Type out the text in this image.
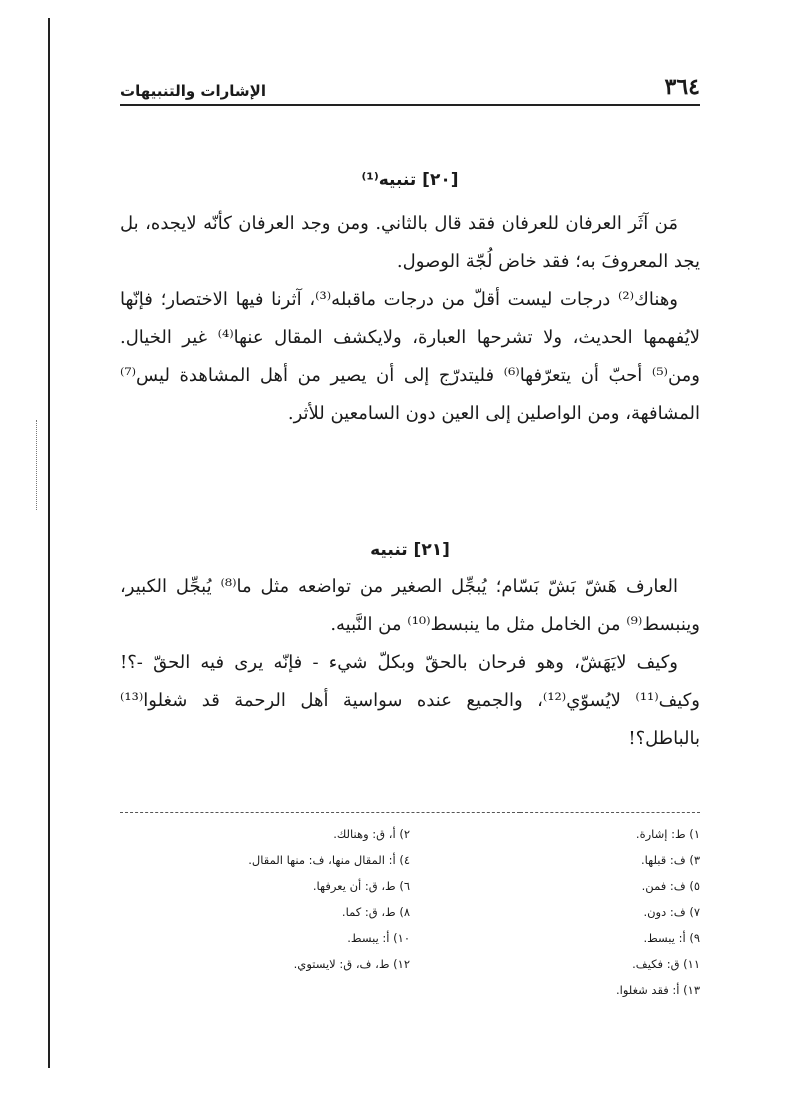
٣٦٤
الإشارات والتنبيهات
[٢٠] تنبيه⁽¹⁾

مَن آثَر العرفان للعرفان فقد قال بالثاني. ومن وجد العرفان كأنّه لايجده، بل يجد المعروفَ به؛ فقد خاض لُجّة الوصول.

وهناك⁽²⁾ درجات ليست أقلّ من درجات ماقبله⁽³⁾، آثرنا فيها الاختصار؛ فإنّها لايُفهمها الحديث، ولا تشرحها العبارة، ولايكشف المقال عنها⁽⁴⁾ غير الخيال. ومن⁽⁵⁾ أحبّ أن يتعرّفها⁽⁶⁾ فليتدرّج إلى أن يصير من أهل المشاهدة ليس⁽⁷⁾ المشافهة، ومن الواصلين إلى العين دون السامعين للأثر.

[٢١] تنبيه

العارف هَشّ بَشّ بَسّام؛ يُبجِّل الصغير من تواضعه مثل ما⁽⁸⁾ يُبجِّل الكبير، وينبسط⁽⁹⁾ من الخامل مثل ما ينبسط⁽¹⁰⁾ من النَّبيه.

وكيف لايَهَشّ، وهو فرحان بالحقّ وبكلّ شيء - فإنّه يرى فيه الحقّ -؟! وكيف⁽¹¹⁾ لايُسوّي⁽¹²⁾، والجميع عنده سواسية أهل الرحمة قد شغلوا⁽¹³⁾ بالباطل؟!

١) ط: إشارة.
٢) أ، ق: وهنالك.
٣) ف: قبلها.
٤) أ: المقال منها، ف: منها المقال.
٥) ف: فمن.
٦) ط، ق: أن يعرفها.
٧) ف: دون.
٨) ط، ق: كما.
٩) أ: يبسط.
١٠) أ: يبسط.
١١) ق: فكيف.
١٢) ط، ف، ق: لايستوي.
١٣) أ: فقد شغلوا.
